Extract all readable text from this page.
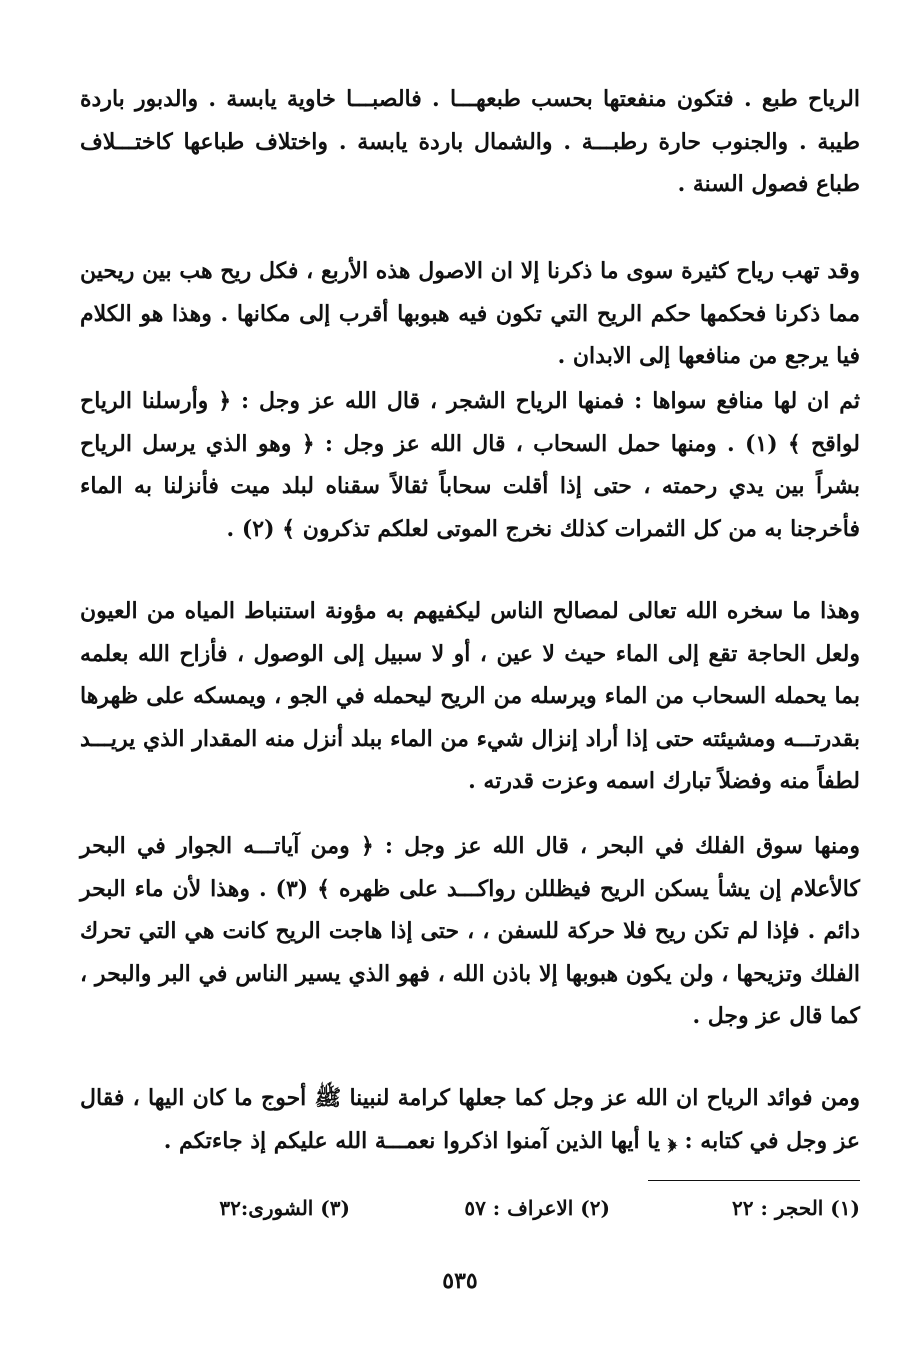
الرياح طبع . فتكون منفعتها بحسب طبعهـــا . فالصبـــا خاوية يابسة . والدبور باردة طيبة . والجنوب حارة رطبـــة . والشمال باردة يابسة . واختلاف طباعها كاختـــلاف طباع فصول السنة .

وقد تهب رياح كثيرة سوى ما ذكرنا إلا ان الاصول هذه الأربع ، فكل ريح هب بين ريحين مما ذكرنا فحكمها حكم الريح التي تكون فيه هبوبها أقرب إلى مكانها . وهذا هو الكلام فيا يرجع من منافعها إلى الابدان .

ثم ان لها منافع سواها : فمنها الرياح الشجر ، قال الله عز وجل : ﴿ وأرسلنا الرياح لواقح ﴾ (١) . ومنها حمل السحاب ، قال الله عز وجل : ﴿ وهو الذي يرسل الرياح بشراً بين يدي رحمته ، حتى إذا أقلت سحاباً ثقالاً سقناه لبلد ميت فأنزلنا به الماء فأخرجنا به من كل الثمرات كذلك نخرج الموتى لعلكم تذكرون ﴾ (٢) .

وهذا ما سخره الله تعالى لمصالح الناس ليكفيهم به مؤونة استنباط المياه من العيون ولعل الحاجة تقع إلى الماء حيث لا عين ، أو لا سبيل إلى الوصول ، فأزاح الله بعلمه بما يحمله السحاب من الماء ويرسله من الريح ليحمله في الجو ، ويمسكه على ظهرها بقدرتـــه ومشيئته حتى إذا أراد إنزال شيء من الماء ببلد أنزل منه المقدار الذي يريـــد لطفاً منه وفضلاً تبارك اسمه وعزت قدرته .

ومنها سوق الفلك في البحر ، قال الله عز وجل : ﴿ ومن آياتـــه الجوار في البحر كالأعلام إن يشأ يسكن الريح فيظللن رواكـــد على ظهره ﴾ (٣) . وهذا لأن ماء البحر دائم . فإذا لم تكن ريح فلا حركة للسفن ، ، حتى إذا هاجت الريح كانت هي التي تحرك الفلك وتزيحها ، ولن يكون هبوبها إلا باذن الله ، فهو الذي يسير الناس في البر والبحر ، كما قال عز وجل .

ومن فوائد الرياح ان الله عز وجل كما جعلها كرامة لنبينا ﷺ أحوج ما كان اليها ، فقال عز وجل في كتابه : ﴿ يا أيها الذين آمنوا اذكروا نعمـــة الله عليكم إذ جاءتكم .

(١) الحجر : ٢٢
(٢) الاعراف : ٥٧
(٣) الشورى:٣٢
٥٣٥
